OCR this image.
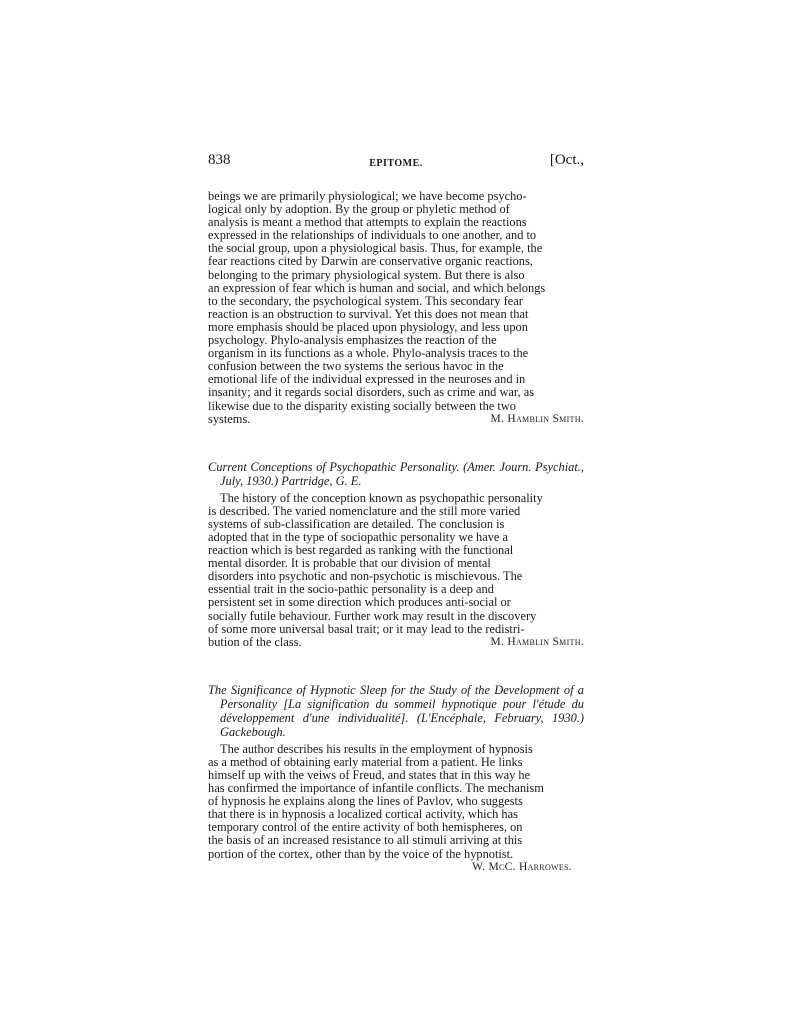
838	EPITOME.	[Oct.,

beings we are primarily physiological; we have become psycho-

logical only by adoption. By the group or phyletic method of

analysis is meant a method that attempts to explain the reactions

expressed in the relationships of individuals to one another, and to

the social group, upon a physiological basis. Thus, for example, the

fear reactions cited by Darwin are conservative organic reactions,

belonging to the primary physiological system. But there is also

an expression of fear which is human and social, and which belongs

to the secondary, the psychological system. This secondary fear

reaction is an obstruction to survival. Yet this does not mean that

more emphasis should be placed upon physiology, and less upon

psychology. Phylo-analysis emphasizes the reaction of the

organism in its functions as a whole. Phylo-analysis traces to the

confusion between the two systems the serious havoc in the

emotional life of the individual expressed in the neuroses and in

insanity; and it regards social disorders, such as crime and war, as

likewise due to the disparity existing socially between the two

systems.	M. Hamblin Smith.
Current Conceptions of Psychopathic Personality. (Amer. Journ. Psychiat., July, 1930.) Partridge, G. E.

The history of the conception known as psychopathic personality

is described. The varied nomenclature and the still more varied

systems of sub-classification are detailed. The conclusion is

adopted that in the type of sociopathic personality we have a

reaction which is best regarded as ranking with the functional

mental disorder. It is probable that our division of mental

disorders into psychotic and non-psychotic is mischievous. The

essential trait in the socio-pathic personality is a deep and

persistent set in some direction which produces anti-social or

socially futile behaviour. Further work may result in the discovery

of some more universal basal trait; or it may lead to the redistri-

bution of the class.	M. Hamblin Smith.
The Significance of Hypnotic Sleep for the Study of the Development of a Personality [La signification du sommeil hypnotique pour l'étude du développement d'une individualité]. (L'Encéphale, February, 1930.) Gackebough.

The author describes his results in the employment of hypnosis

as a method of obtaining early material from a patient. He links

himself up with the veiws of Freud, and states that in this way he

has confirmed the importance of infantile conflicts. The mechanism

of hypnosis he explains along the lines of Pavlov, who suggests

that there is in hypnosis a localized cortical activity, which has

temporary control of the entire activity of both hemispheres, on

the basis of an increased resistance to all stimuli arriving at this

portion of the cortex, other than by the voice of the hypnotist.

W. McC. Harrowes.
